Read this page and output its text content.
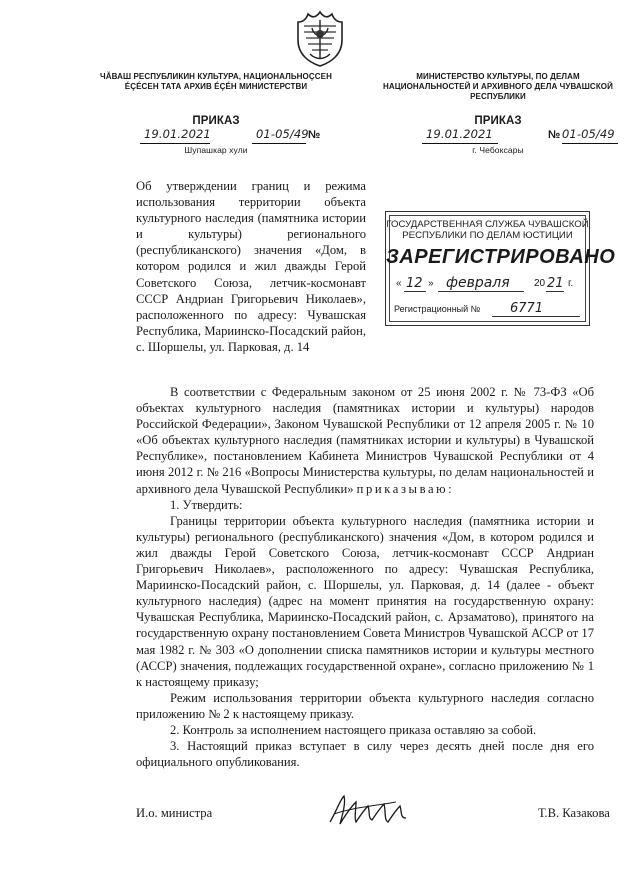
ЧĂВАШ РЕСПУБЛИКИН КУЛЬТУРА, НАЦИОНАЛЬНОÇСЕН ÉÇÉСЕН ТАТА АРХИВ ÉÇÉН МИНИСТЕРСТВИ
ПРИКАЗ
19.01.2021	01-05/49 №
Шупашкар хули
МИНИСТЕРСТВО КУЛЬТУРЫ, ПО ДЕЛАМ НАЦИОНАЛЬНОСТЕЙ И АРХИВНОГО ДЕЛА ЧУВАШСКОЙ РЕСПУБЛИКИ
ПРИКАЗ
19.01.2021	№ 01-05/49
г. Чебоксары

Об утверждении границ и режима использования территории объекта культурного наследия (памятника истории и культуры) регионального (республиканского) значения «Дом, в котором родился и жил дважды Герой Советского Союза, летчик-космонавт СССР Андриан Григорьевич Николаев», расположенного по адресу: Чувашская Республика, Мариинско-Посадский район, с. Шоршелы, ул. Парковая, д. 14

ГОСУДАРСТВЕННАЯ СЛУЖБА ЧУВАШСКОЙ
РЕСПУБЛИКИ ПО ДЕЛАМ ЮСТИЦИИ
ЗАРЕГИСТРИРОВАНО
« 12 » февраля 20 21 г.
Регистрационный № 6771

В соответствии с Федеральным законом от 25 июня 2002 г. № 73-ФЗ «Об объектах культурного наследия (памятниках истории и культуры) народов Российской Федерации», Законом Чувашской Республики от 12 апреля 2005 г. № 10 «Об объектах культурного наследия (памятниках истории и культуры) в Чувашской Республике», постановлением Кабинета Министров Чувашской Республики от 4 июня 2012 г. № 216 «Вопросы Министерства культуры, по делам национальностей и архивного дела Чувашской Республики» приказываю:

1. Утвердить:

Границы территории объекта культурного наследия (памятника истории и культуры) регионального (республиканского) значения «Дом, в котором родился и жил дважды Герой Советского Союза, летчик-космонавт СССР Андриан Григорьевич Николаев», расположенного по адресу: Чувашская Республика, Мариинско-Посадский район, с. Шоршелы, ул. Парковая, д. 14 (далее - объект культурного наследия) (адрес на момент принятия на государственную охрану: Чувашская Республика, Мариинско-Посадский район, с. Арзаматово), принятого на государственную охрану постановлением Совета Министров Чувашской АССР от 17 мая 1982 г. № 303 «О дополнении списка памятников истории и культуры местного (АССР) значения, подлежащих государственной охране», согласно приложению № 1 к настоящему приказу;

Режим использования территории объекта культурного наследия согласно приложению № 2 к настоящему приказу.

2. Контроль за исполнением настоящего приказа оставляю за собой.

3. Настоящий приказ вступает в силу через десять дней после дня его официального опубликования.

И.о. министра	Т.В. Казакова
